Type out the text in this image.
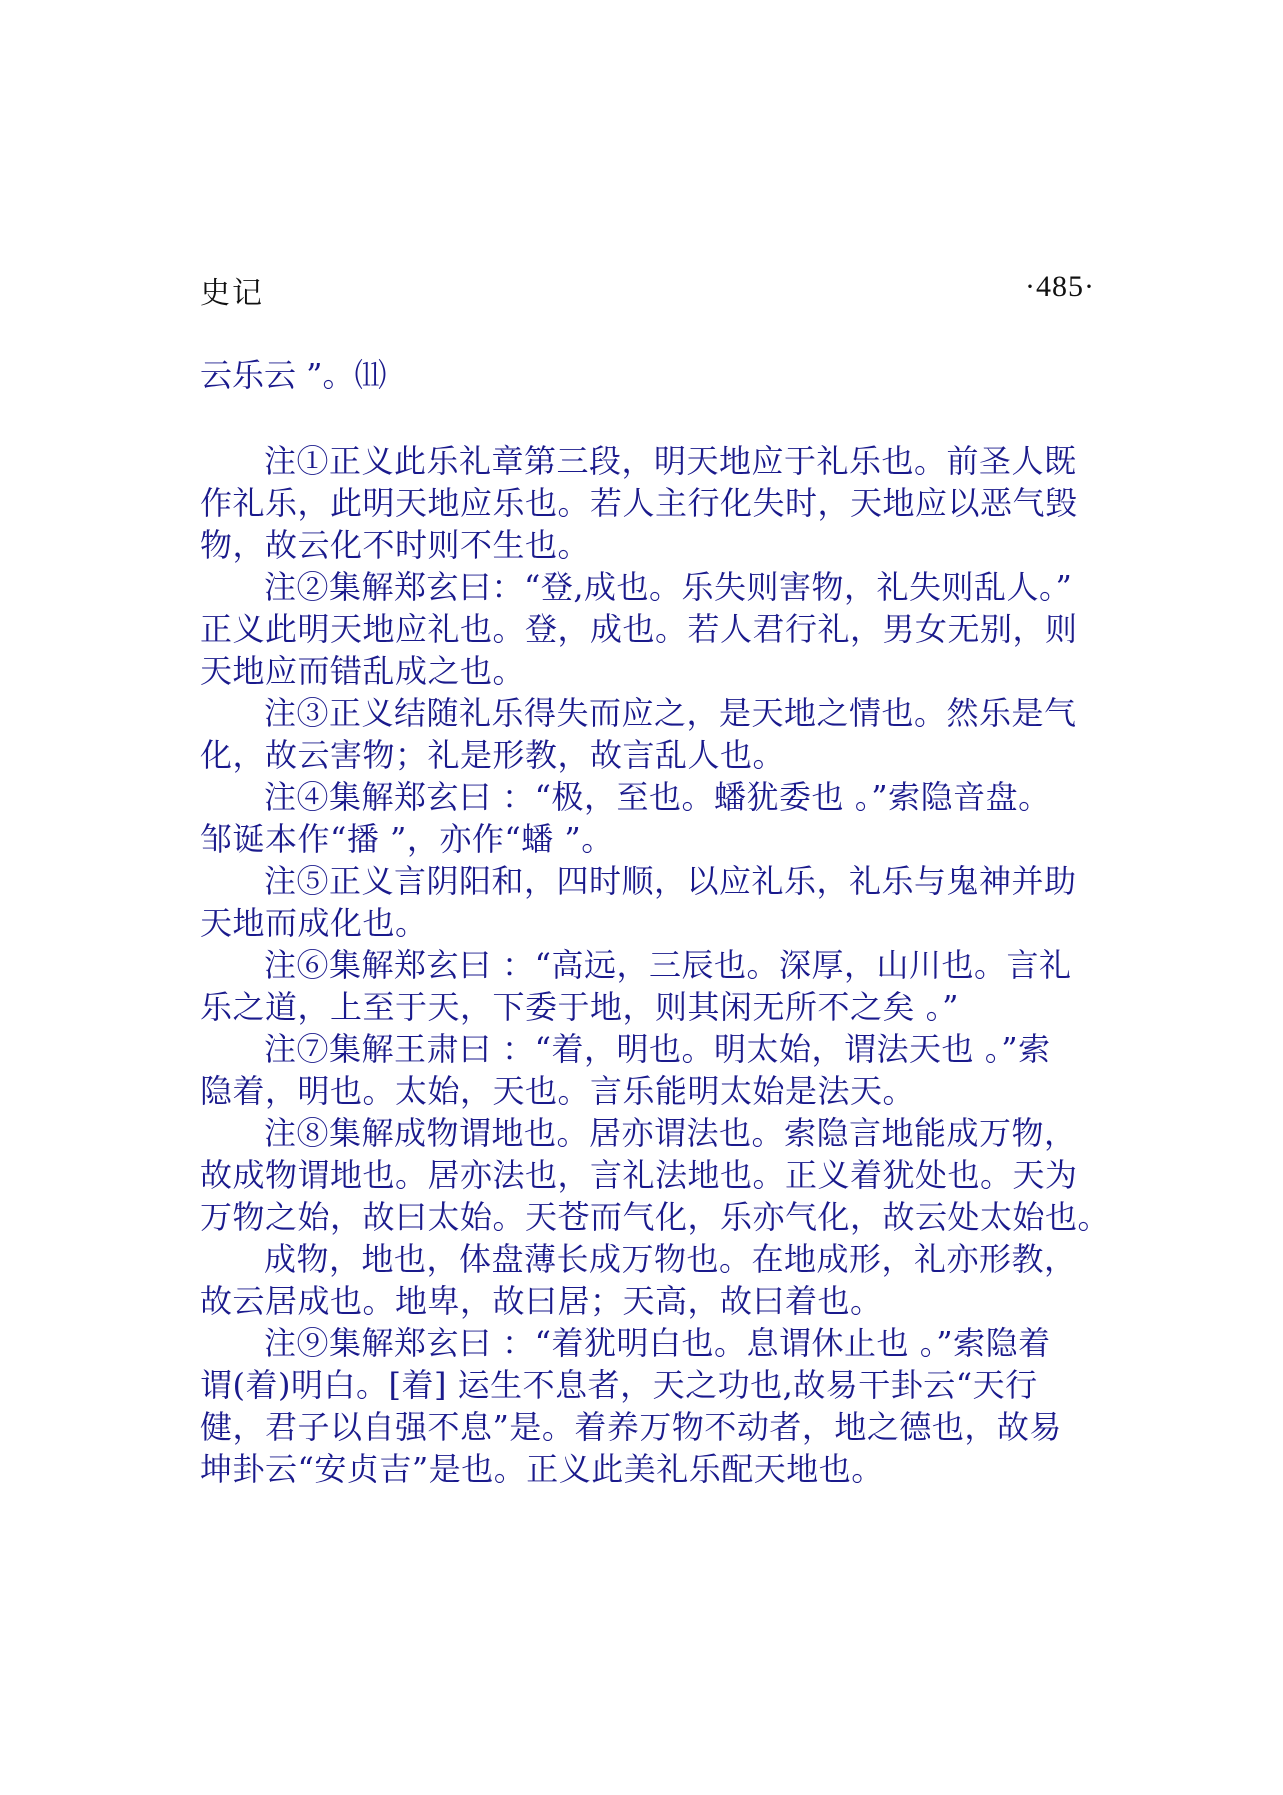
史记	·485·
云乐云 ”。⑾
注①正义此乐礼章第三段，明天地应于礼乐也。前圣人既
作礼乐，此明天地应乐也。若人主行化失时，天地应以恶气毁
物，故云化不时则不生也。
注②集解郑玄曰：“登,成也。乐失则害物，礼失则乱人。”
正义此明天地应礼也。登，成也。若人君行礼，男女无别，则
天地应而错乱成之也。
注③正义结随礼乐得失而应之，是天地之情也。然乐是气
化，故云害物；礼是形教，故言乱人也。
注④集解郑玄曰 ：“极，至也。蟠犹委也 。”索隐音盘。
邹诞本作“播 ”，亦作“蟠 ”。
注⑤正义言阴阳和，四时顺，以应礼乐，礼乐与鬼神并助
天地而成化也。
注⑥集解郑玄曰 ：“高远，三辰也。深厚，山川也。言礼
乐之道，上至于天，下委于地，则其闲无所不之矣 。”
注⑦集解王肃曰 ：“着，明也。明太始，谓法天也 。”索
隐着，明也。太始，天也。言乐能明太始是法天。
注⑧集解成物谓地也。居亦谓法也。索隐言地能成万物，
故成物谓地也。居亦法也，言礼法地也。正义着犹处也。天为
万物之始，故曰太始。天苍而气化，乐亦气化，故云处太始也。
成物，地也，体盘薄长成万物也。在地成形，礼亦形教，
故云居成也。地卑，故曰居；天高，故曰着也。
注⑨集解郑玄曰 ：“着犹明白也。息谓休止也 。”索隐着
谓(着)明白。[着] 运生不息者，天之功也,故易干卦云“天行
健，君子以自强不息”是。着养万物不动者，地之德也，故易
坤卦云“安贞吉”是也。正义此美礼乐配天地也。
